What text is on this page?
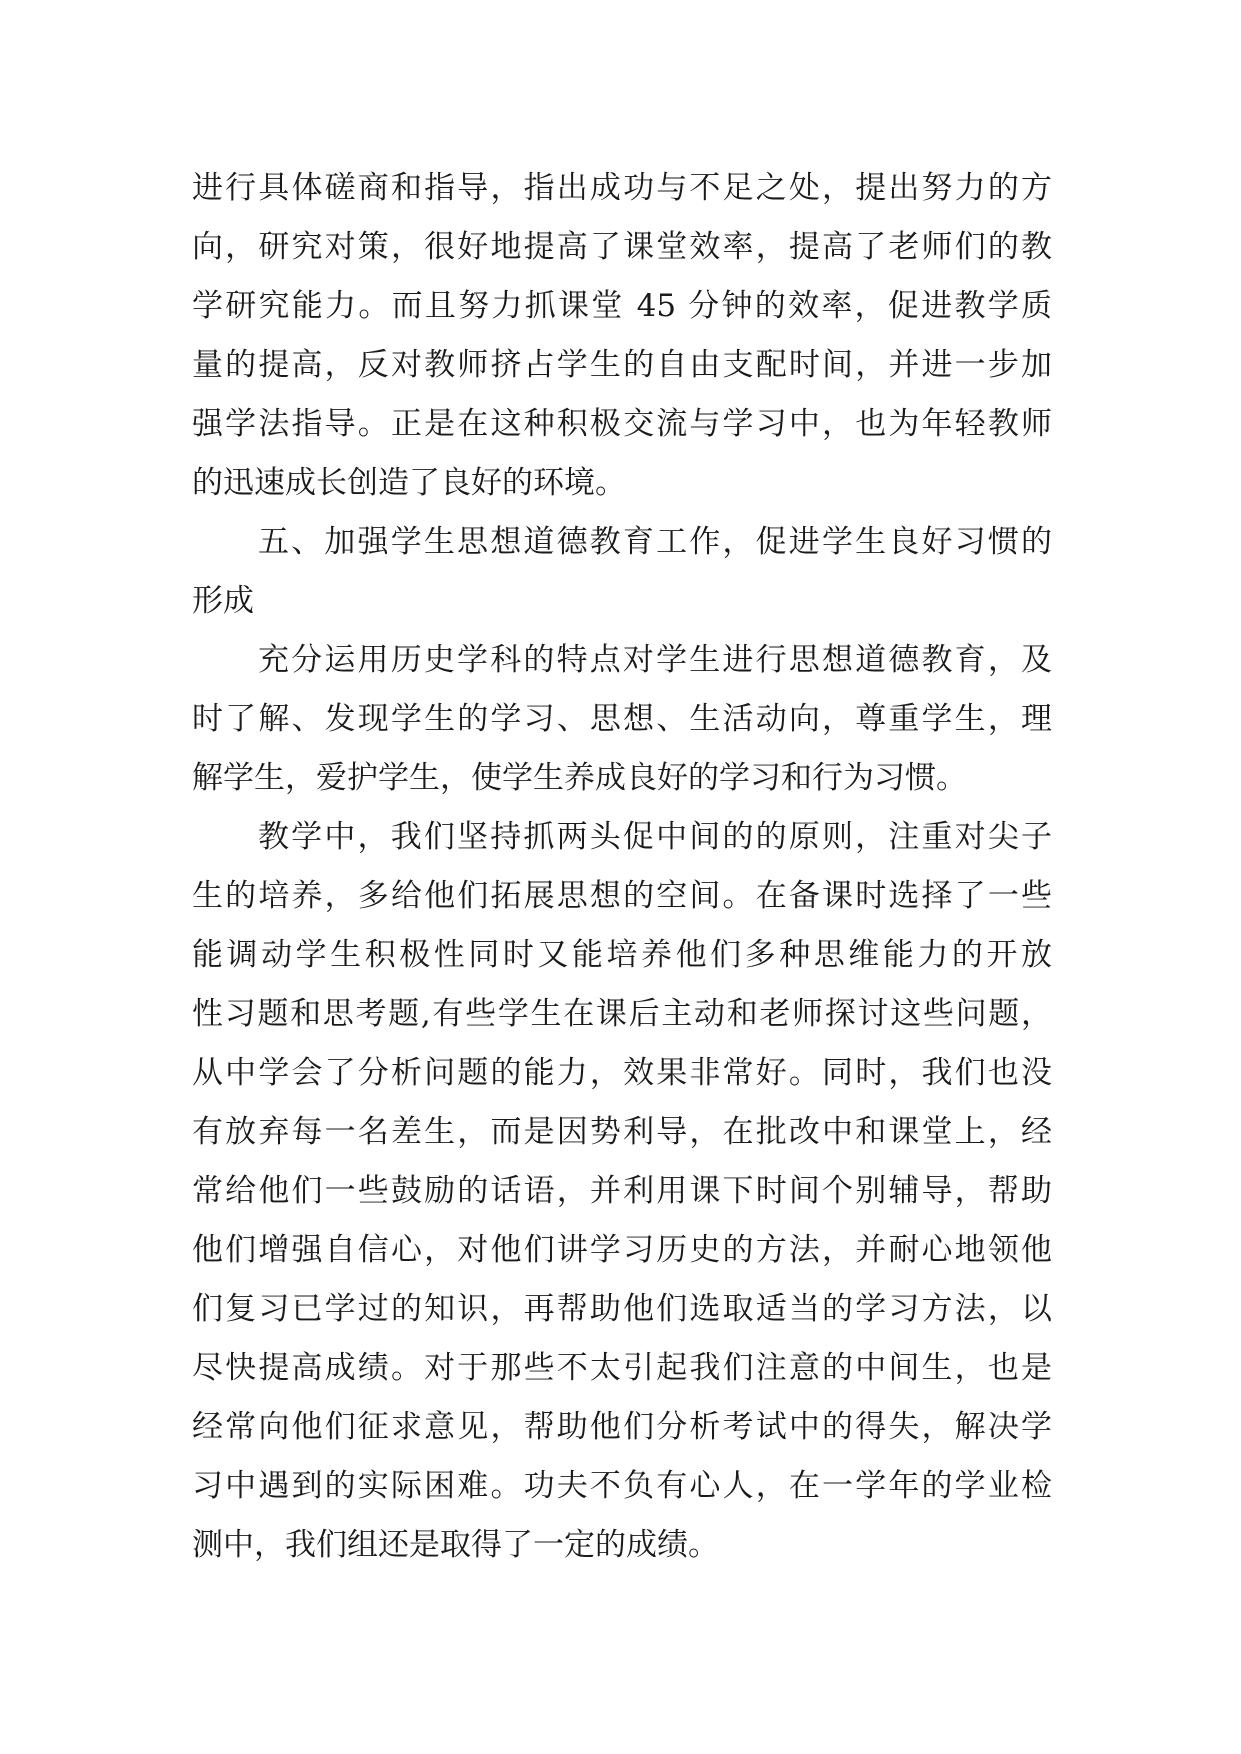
进行具体磋商和指导，指出成功与不足之处，提出努力的方
向，研究对策，很好地提高了课堂效率，提高了老师们的教
学研究能力。而且努力抓课堂 45 分钟的效率，促进教学质
量的提高，反对教师挤占学生的自由支配时间，并进一步加
强学法指导。正是在这种积极交流与学习中，也为年轻教师
的迅速成长创造了良好的环境。
五、加强学生思想道德教育工作，促进学生良好习惯的
形成
充分运用历史学科的特点对学生进行思想道德教育，及
时了解、发现学生的学习、思想、生活动向，尊重学生，理
解学生，爱护学生，使学生养成良好的学习和行为习惯。
教学中，我们坚持抓两头促中间的的原则，注重对尖子
生的培养，多给他们拓展思想的空间。在备课时选择了一些
能调动学生积极性同时又能培养他们多种思维能力的开放
性习题和思考题,有些学生在课后主动和老师探讨这些问题，
从中学会了分析问题的能力，效果非常好。同时，我们也没
有放弃每一名差生，而是因势利导，在批改中和课堂上，经
常给他们一些鼓励的话语，并利用课下时间个别辅导，帮助
他们增强自信心，对他们讲学习历史的方法，并耐心地领他
们复习已学过的知识，再帮助他们选取适当的学习方法，以
尽快提高成绩。对于那些不太引起我们注意的中间生，也是
经常向他们征求意见，帮助他们分析考试中的得失，解决学
习中遇到的实际困难。功夫不负有心人，在一学年的学业检
测中，我们组还是取得了一定的成绩。
